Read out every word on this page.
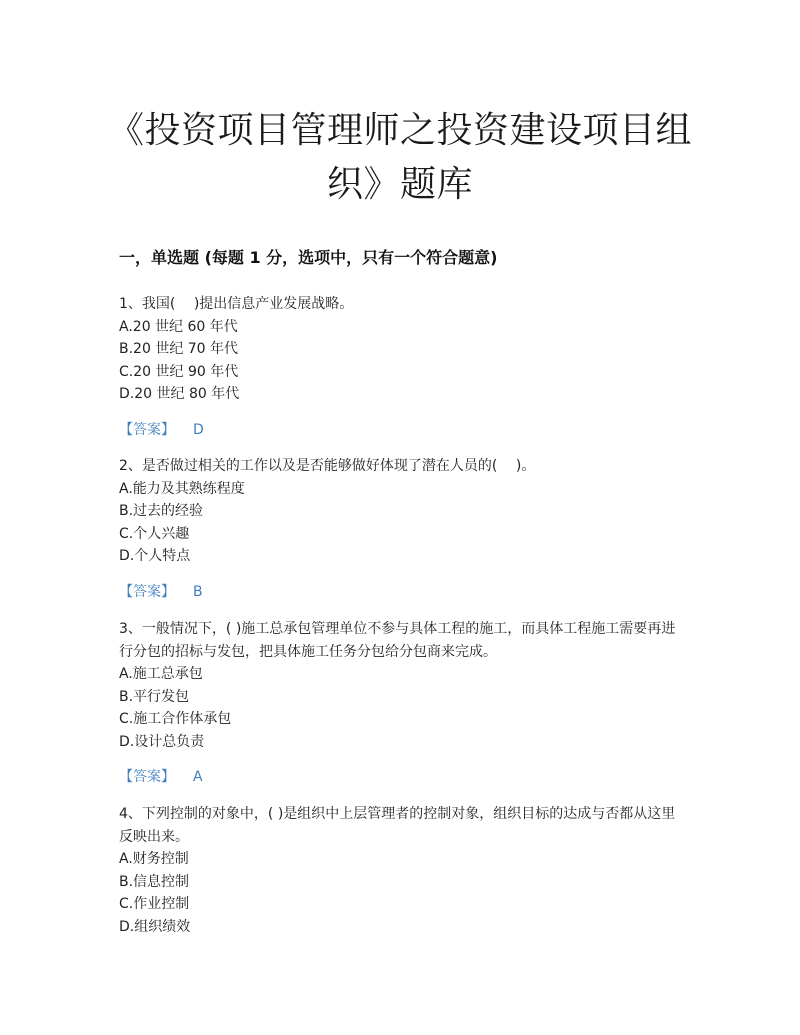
《投资项目管理师之投资建设项目组
织》题库
一，单选题 (每题 1 分，选项中，只有一个符合题意)

1、我国(　 )提出信息产业发展战略。

A.20 世纪 60 年代

B.20 世纪 70 年代

C.20 世纪 90 年代

D.20 世纪 80 年代

【答案】 D

2、是否做过相关的工作以及是否能够做好体现了潜在人员的(　 )。

A.能力及其熟练程度

B.过去的经验

C.个人兴趣

D.个人特点

【答案】 B

3、一般情况下，( )施工总承包管理单位不参与具体工程的施工，而具体工程施工需要再进行分包的招标与发包，把具体施工任务分包给分包商来完成。

A.施工总承包

B.平行发包

C.施工合作体承包

D.设计总负责

【答案】 A

4、下列控制的对象中，( )是组织中上层管理者的控制对象，组织目标的达成与否都从这里反映出来。

A.财务控制

B.信息控制

C.作业控制

D.组织绩效
